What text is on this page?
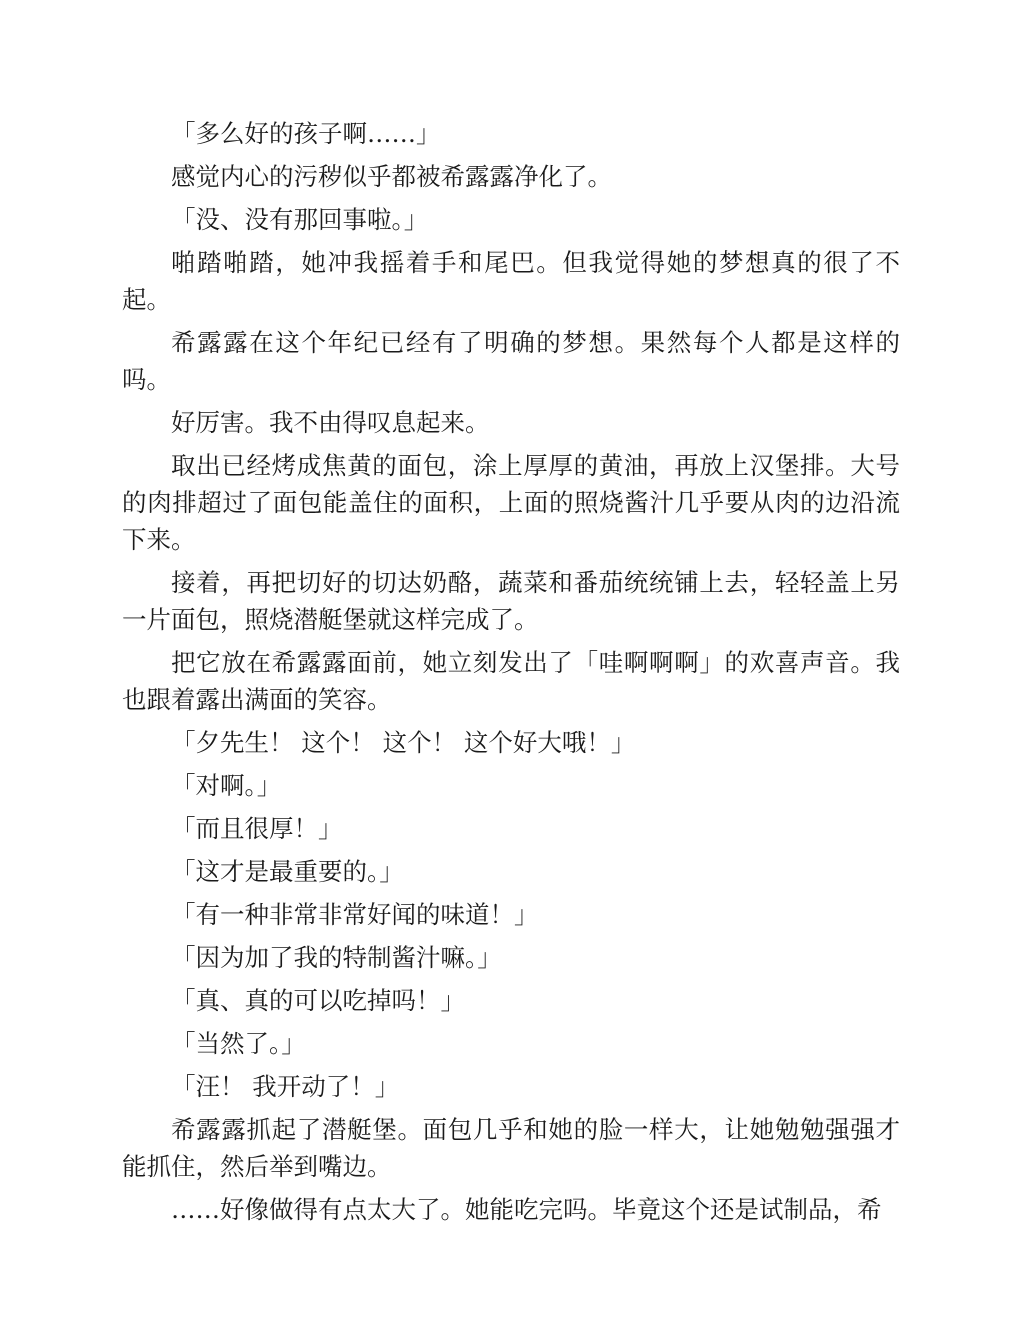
「多么好的孩子啊……」

感觉内心的污秽似乎都被希露露净化了。

「没、没有那回事啦。」

啪踏啪踏，她冲我摇着手和尾巴。但我觉得她的梦想真的很了不起。

希露露在这个年纪已经有了明确的梦想。果然每个人都是这样的吗。

好厉害。我不由得叹息起来。

取出已经烤成焦黄的面包，涂上厚厚的黄油，再放上汉堡排。大号的肉排超过了面包能盖住的面积，上面的照烧酱汁几乎要从肉的边沿流下来。

接着，再把切好的切达奶酪，蔬菜和番茄统统铺上去，轻轻盖上另一片面包，照烧潜艇堡就这样完成了。

把它放在希露露面前，她立刻发出了「哇啊啊啊」的欢喜声音。我也跟着露出满面的笑容。

「夕先生！ 这个！ 这个！ 这个好大哦！」

「对啊。」

「而且很厚！」

「这才是最重要的。」

「有一种非常非常好闻的味道！」

「因为加了我的特制酱汁嘛。」

「真、真的可以吃掉吗！」

「当然了。」

「汪！ 我开动了！」

希露露抓起了潜艇堡。面包几乎和她的脸一样大，让她勉勉强强才能抓住，然后举到嘴边。

……好像做得有点太大了。她能吃完吗。毕竟这个还是试制品，希
